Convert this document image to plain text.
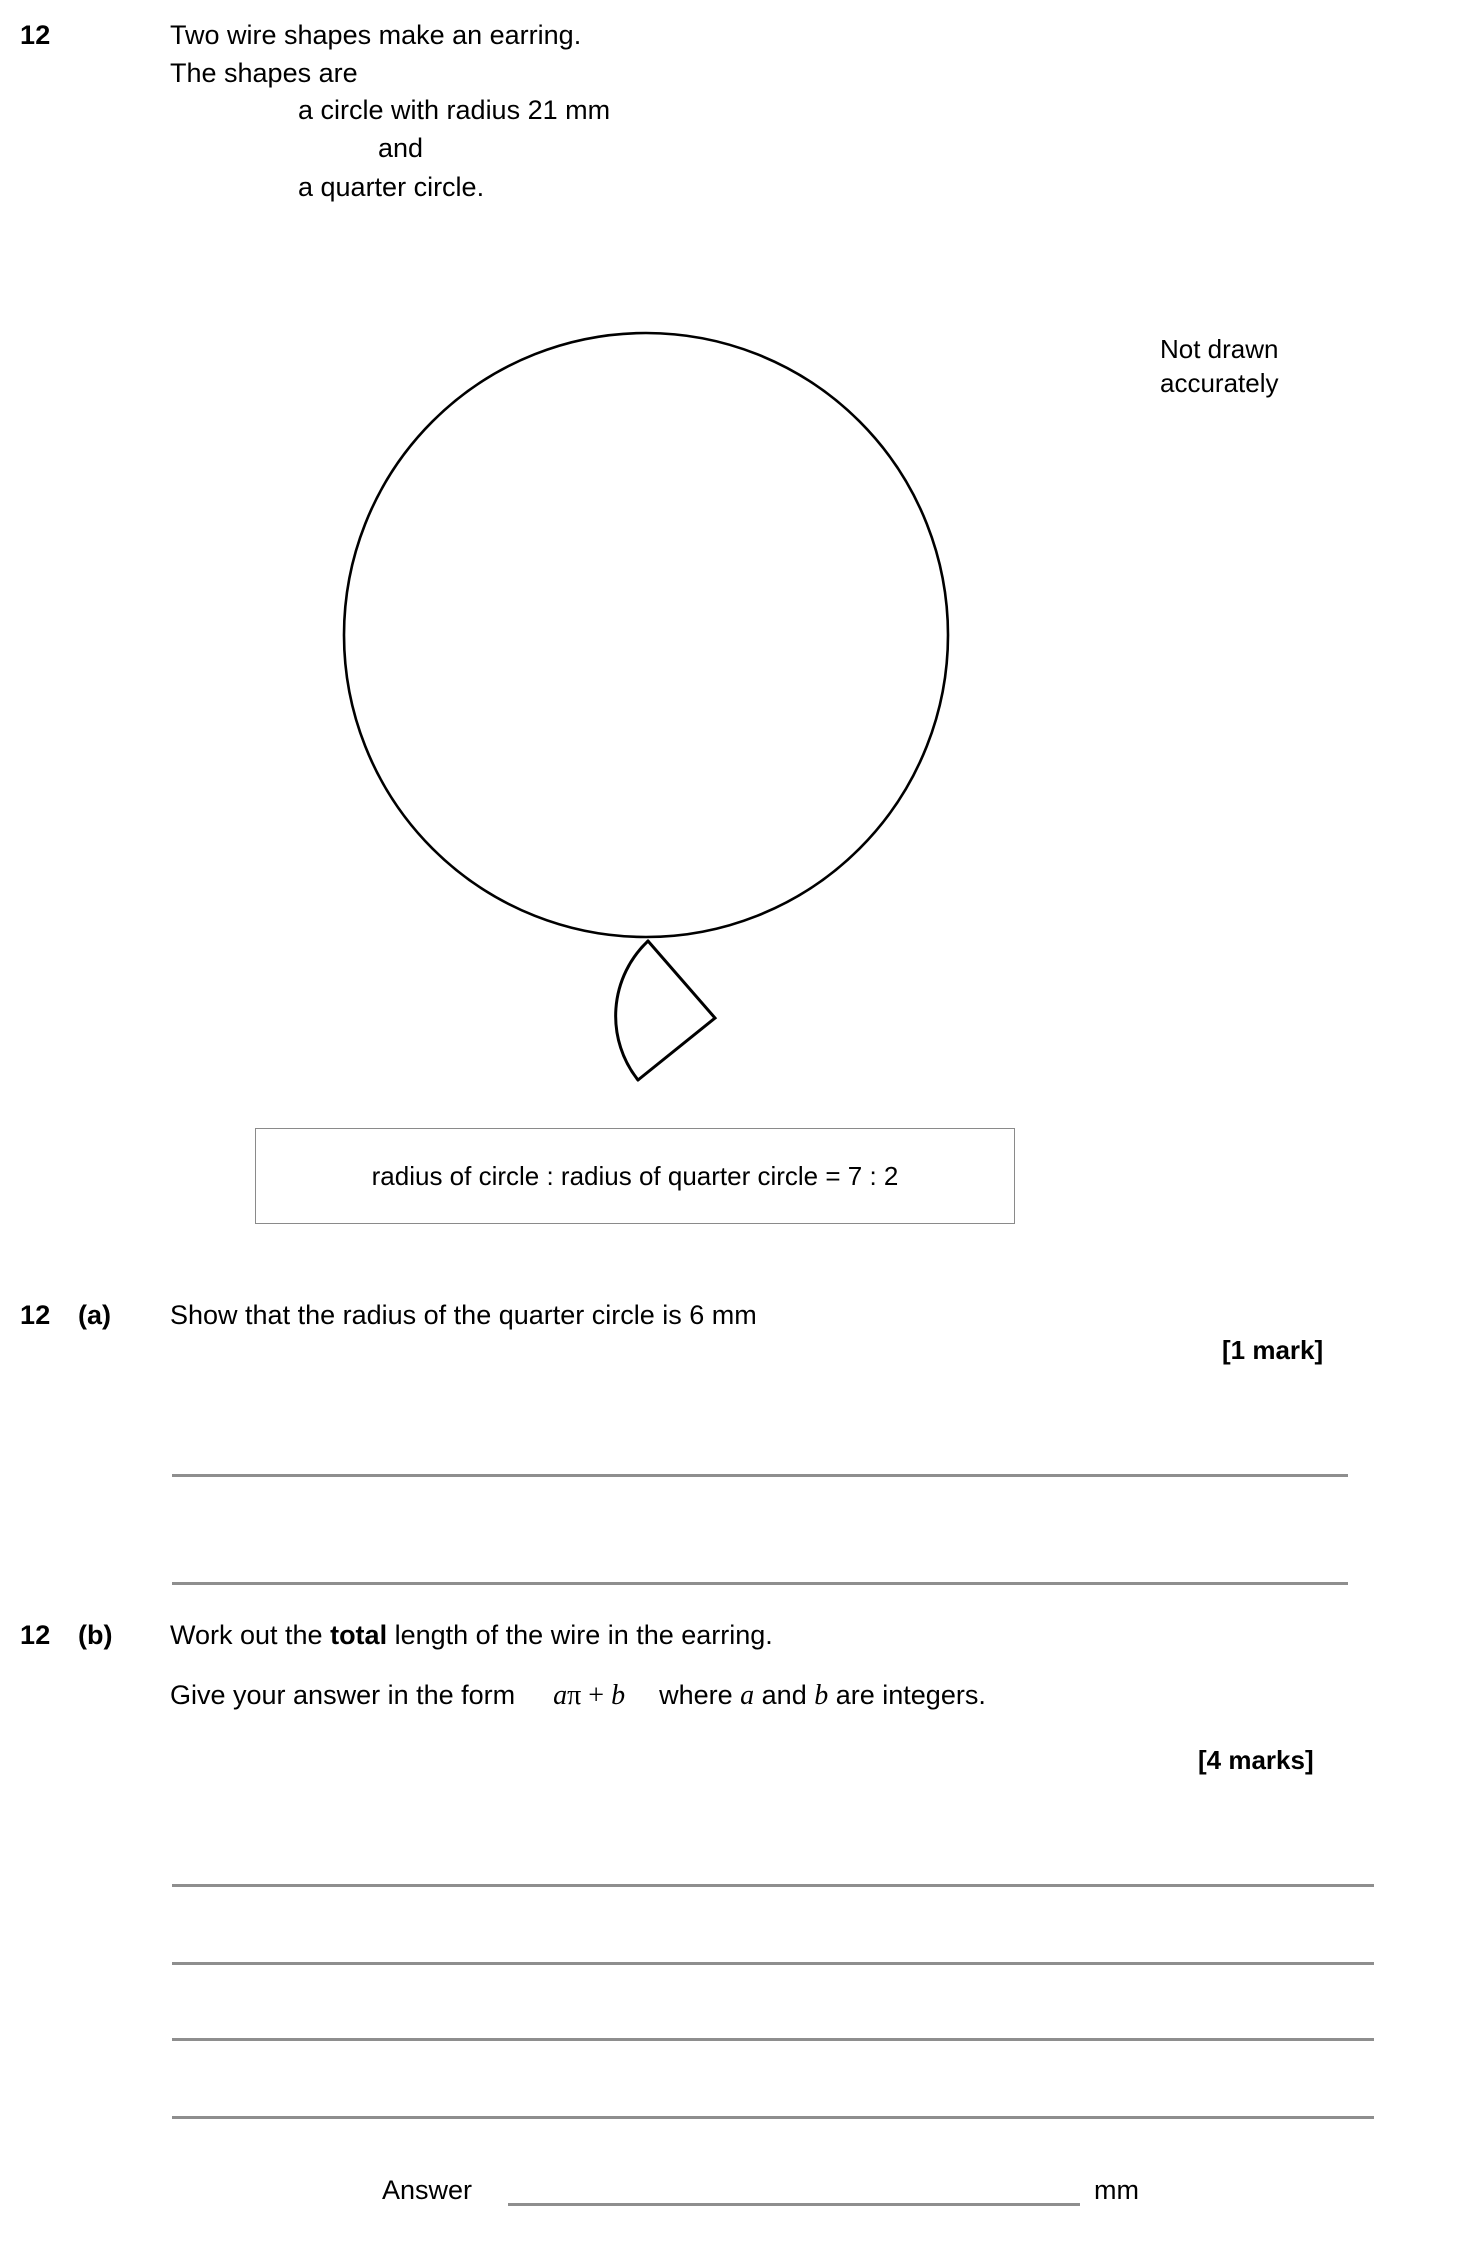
12	Two wire shapes make an earring.
The shapes are
a circle with radius 21 mm
and
a quarter circle.
Not drawn
accurately
radius of circle : radius of quarter circle = 7 : 2
12 (a) Show that the radius of the quarter circle is 6 mm
[1 mark]
12 (b) Work out the total length of the wire in the earring.
Give your answer in the form aπ + b where a and b are integers.
[4 marks]
Answer	mm
